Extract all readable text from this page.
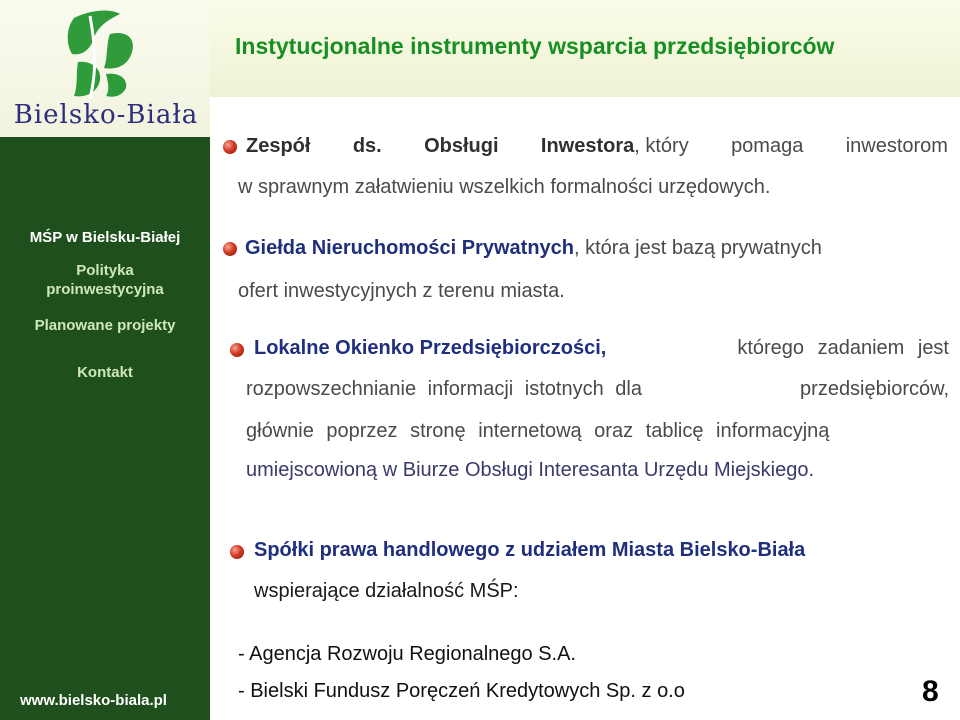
Bielsko-Biała
MŚP w Bielsku-Białej
Polityka
proinwestycyjna
Planowane projekty
Kontakt
www.bielsko-biala.pl
Instytucjonalne instrumenty wsparcia przedsiębiorców
Zespół ds. Obsługi Inwestora, który pomaga inwestorom
w sprawnym załatwieniu wszelkich formalności urzędowych.
Giełda Nieruchomości Prywatnych, która jest bazą prywatnych
ofert inwestycyjnych z terenu miasta.
Lokalne Okienko Przedsiębiorczości,	którego zadaniem jest
rozpowszechnianie informacji istotnych dla	przedsiębiorców,
głównie poprzez stronę internetową oraz tablicę informacyjną
umiejscowioną w Biurze Obsługi Interesanta Urzędu Miejskiego.
Spółki prawa handlowego z udziałem Miasta Bielsko-Biała
wspierające działalność MŚP:
- Agencja Rozwoju Regionalnego S.A.
- Bielski Fundusz Poręczeń Kredytowych Sp. z o.o	8
